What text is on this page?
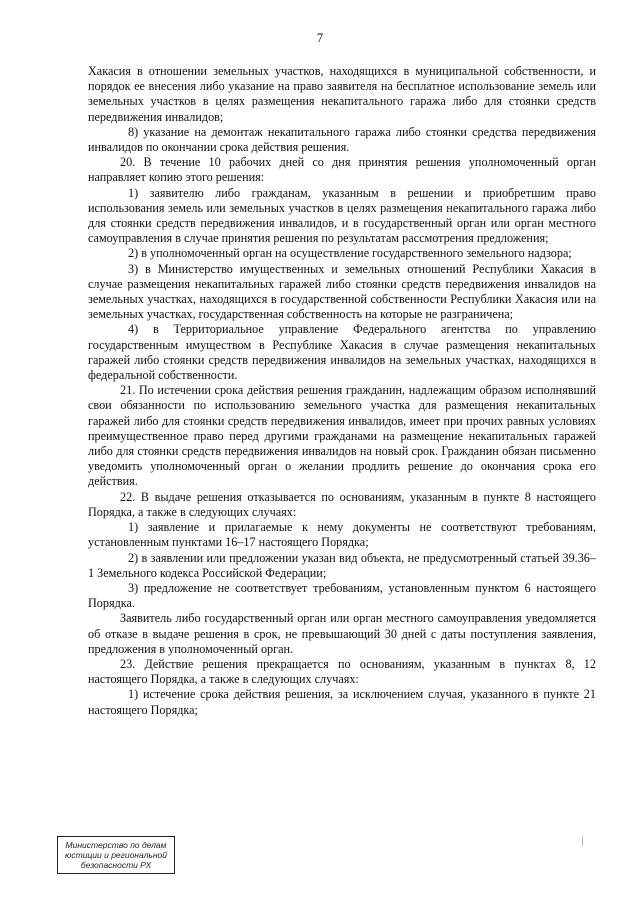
7

Хакасия в отношении земельных участков, находящихся в муниципальной собственности, и порядок ее внесения либо указание на право заявителя на бесплатное использование земель или земельных участков в целях размещения некапитального гаража либо для стоянки средств передвижения инвалидов;

8) указание на демонтаж некапитального гаража либо стоянки средства передвижения инвалидов по окончании срока действия решения.

20. В течение 10 рабочих дней со дня принятия решения уполномоченный орган направляет копию этого решения:

1) заявителю либо гражданам, указанным в решении и приобретшим право использования земель или земельных участков в целях размещения некапитального гаража либо для стоянки средств передвижения инвалидов, и в государственный орган или орган местного самоуправления в случае принятия решения по результатам рассмотрения предложения;

2) в уполномоченный орган на осуществление государственного земельного надзора;

3) в Министерство имущественных и земельных отношений Республики Хакасия в случае размещения некапитальных гаражей либо стоянки средств передвижения инвалидов на земельных участках, находящихся в государственной собственности Республики Хакасия или на земельных участках, государственная собственность на которые не разграничена;

4) в Территориальное управление Федерального агентства по управлению государственным имуществом в Республике Хакасия в случае размещения некапитальных гаражей либо стоянки средств передвижения инвалидов на земельных участках, находящихся в федеральной собственности.

21. По истечении срока действия решения гражданин, надлежащим образом исполнявший свои обязанности по использованию земельного участка для размещения некапитальных гаражей либо для стоянки средств передвижения инвалидов, имеет при прочих равных условиях преимущественное право перед другими гражданами на размещение некапитальных гаражей либо для стоянки средств передвижения инвалидов на новый срок. Гражданин обязан письменно уведомить уполномоченный орган о желании продлить решение до окончания срока его действия.

22. В выдаче решения отказывается по основаниям, указанным в пункте 8 настоящего Порядка, а также в следующих случаях:

1) заявление и прилагаемые к нему документы не соответствуют требованиям, установленным пунктами 16–17 настоящего Порядка;

2) в заявлении или предложении указан вид объекта, не предусмотренный статьей 39.36–1 Земельного кодекса Российской Федерации;

3) предложение не соответствует требованиям, установленным пунктом 6 настоящего Порядка.

Заявитель либо государственный орган или орган местного самоуправления уведомляется об отказе в выдаче решения в срок, не превышающий 30 дней с даты поступления заявления, предложения в уполномоченный орган.

23. Действие решения прекращается по основаниям, указанным в пунктах 8, 12 настоящего Порядка, а также в следующих случаях:

1) истечение срока действия решения, за исключением случая, указанного в пункте 21 настоящего Порядка;

Министерство по делам
юстиции и региональной
безопасности РХ
